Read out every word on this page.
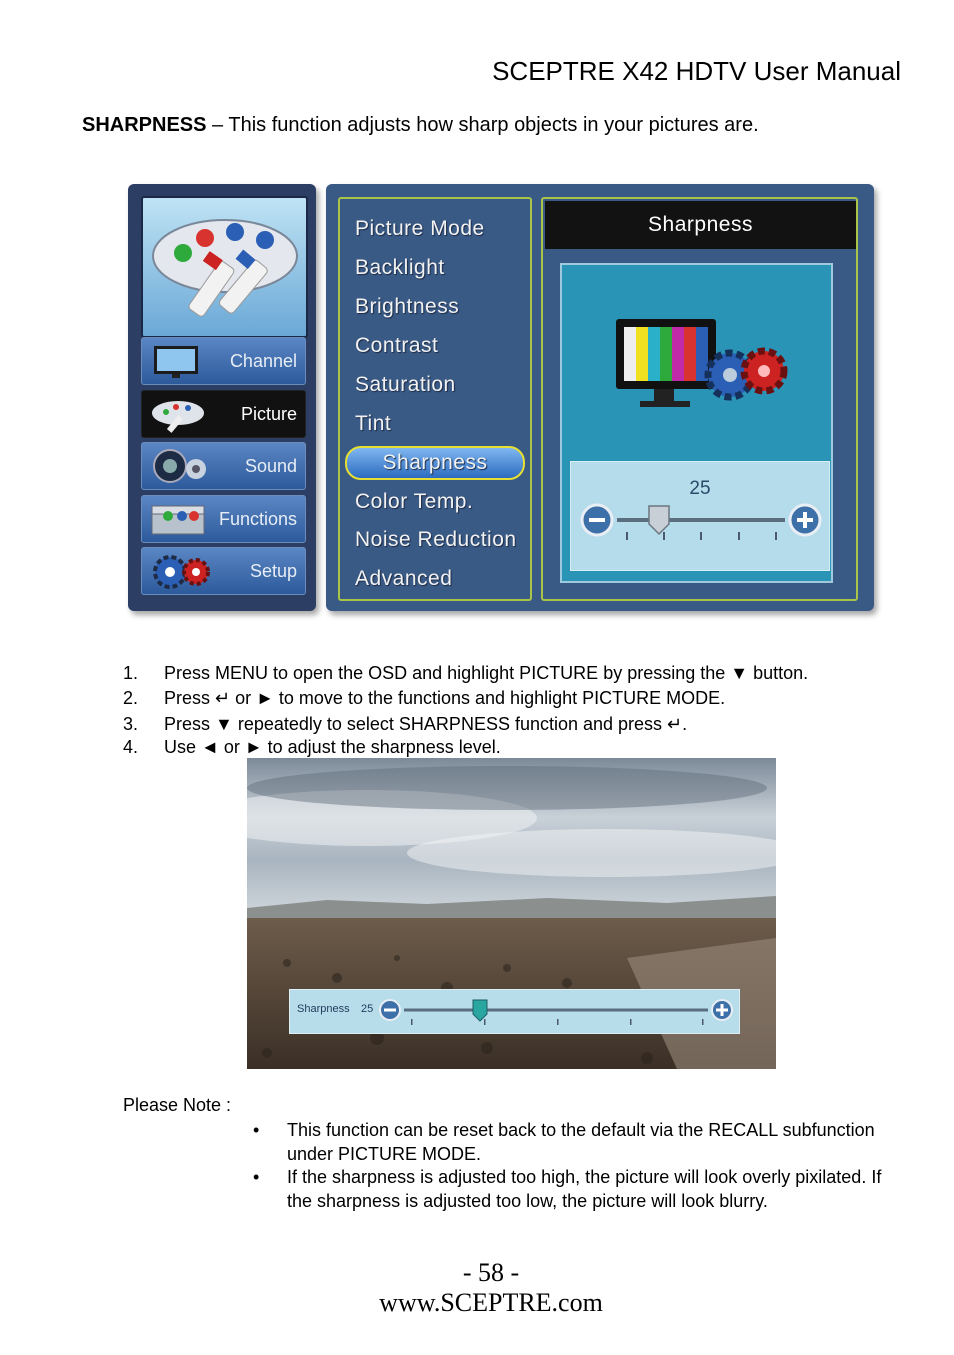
SCEPTRE X42 HDTV User Manual
SHARPNESS – This function adjusts how sharp objects in your pictures are.
Channel
Picture
Sound
Functions
Setup
Picture Mode
Backlight
Brightness
Contrast
Saturation
Tint
Sharpness
Color Temp.
Noise Reduction
Advanced
Sharpness
25
1. Press MENU to open the OSD and highlight PICTURE by pressing the ▼ button.
2. Press ↵ or ► to move to the functions and highlight PICTURE MODE.
3. Press ▼ repeatedly to select SHARPNESS function and press ↵.
4. Use ◄ or ► to adjust the sharpness level.
Sharpness 25
Please Note :
• This function can be reset back to the default via the RECALL subfunction under PICTURE MODE.
• If the sharpness is adjusted too high, the picture will look overly pixilated. If the sharpness is adjusted too low, the picture will look blurry.
- 58 -
www.SCEPTRE.com
